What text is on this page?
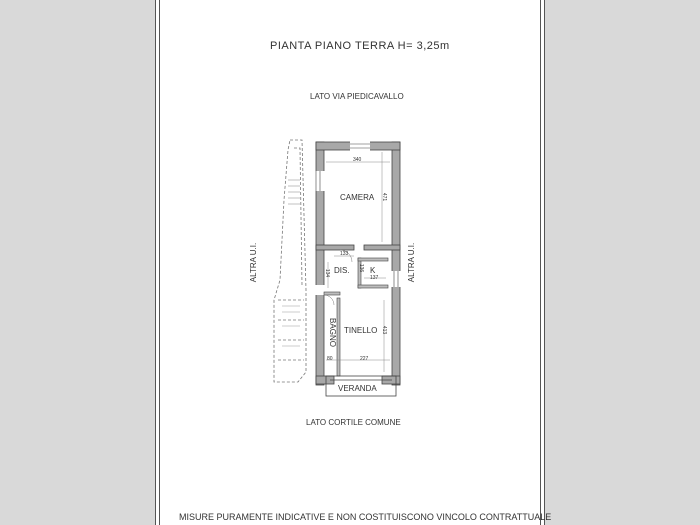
PIANTA PIANO TERRA H= 3,25m
LATO VIA PIEDICAVALLO
LATO CORTILE COMUNE
ALTRA U.I.	ALTRA U.I.
CAMERA
DIS.	K
TINELLO
BAGNO
VERANDA
340
471
133
134
136
137
413
80	227
MISURE PURAMENTE INDICATIVE E NON COSTITUISCONO VINCOLO CONTRATTUALE
